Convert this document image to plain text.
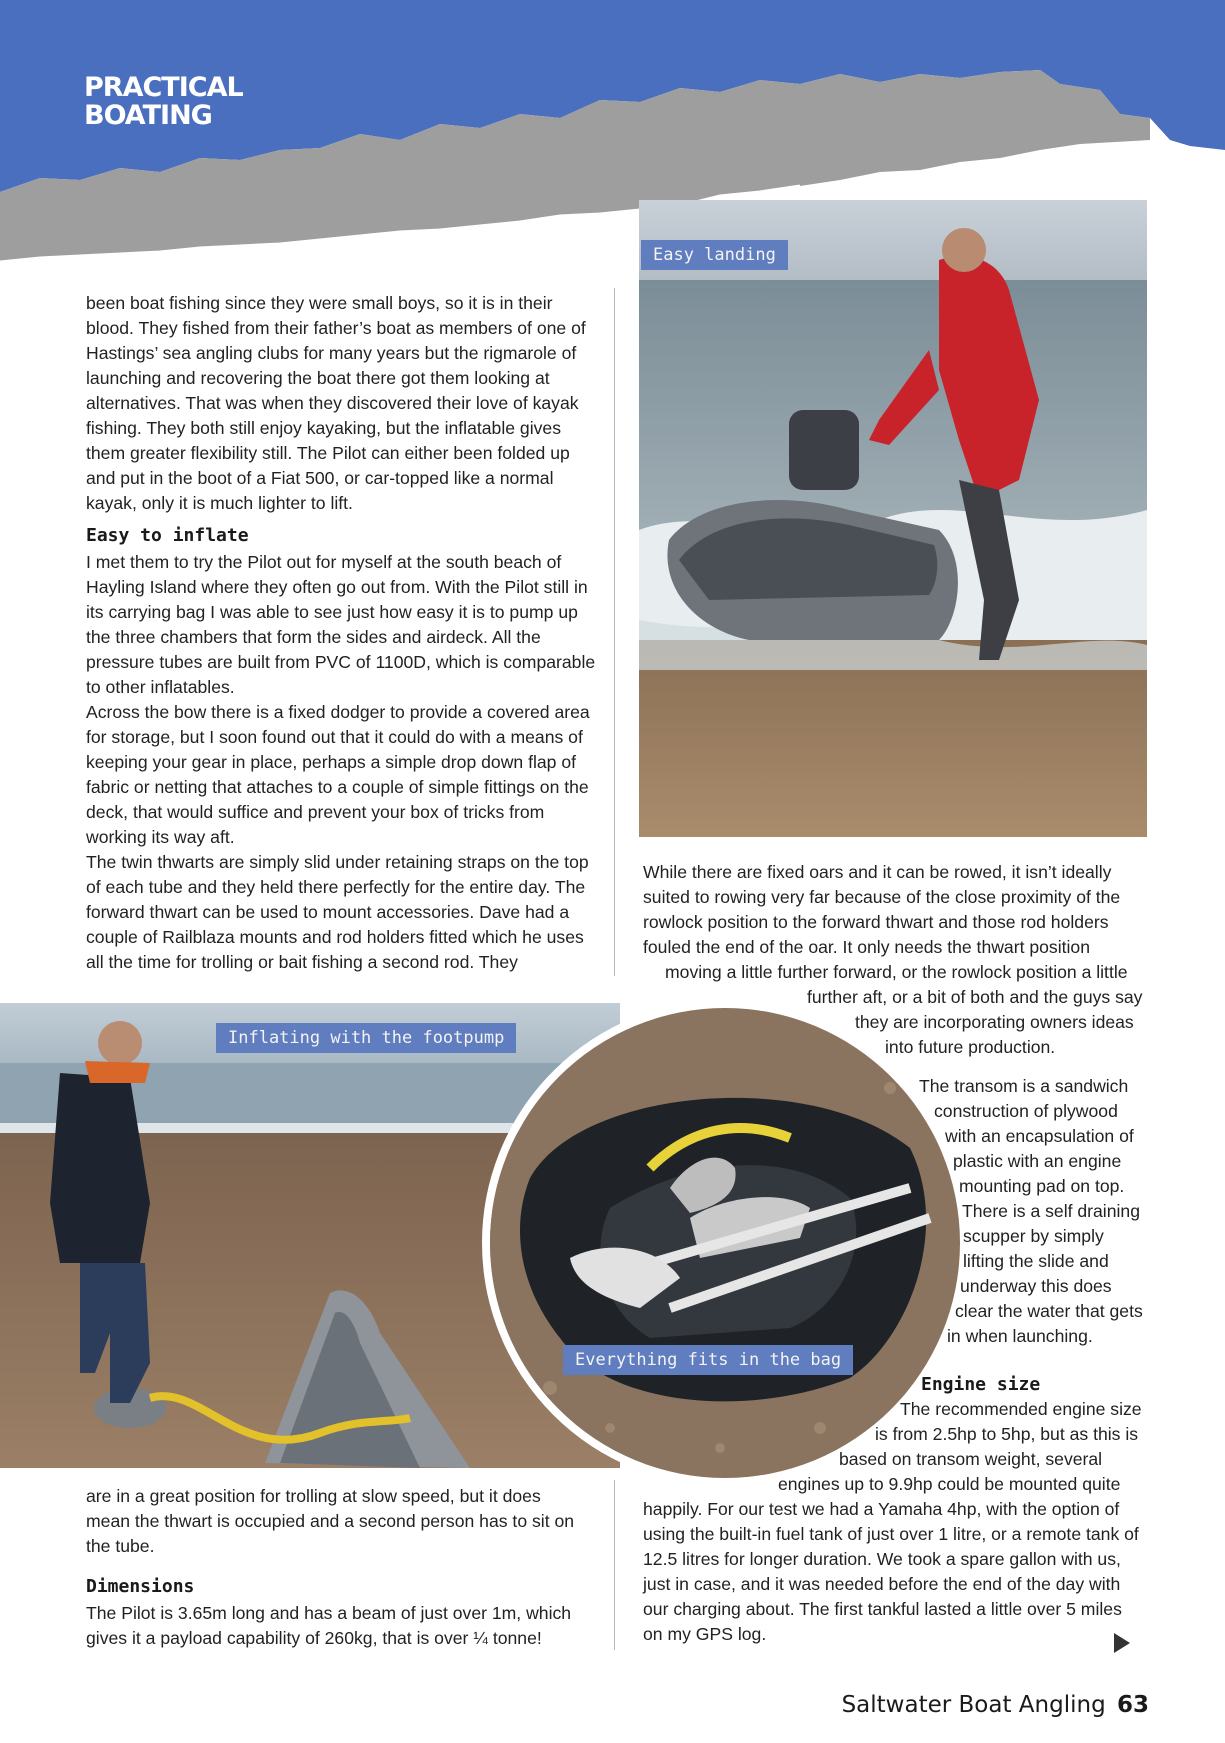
PRACTICAL
BOATING

been boat fishing since they were small boys, so it is in their blood. They fished from their father’s boat as members of one of Hastings’ sea angling clubs for many years but the rigmarole of launching and recovering the boat there got them looking at alternatives. That was when they discovered their love of kayak fishing. They both still enjoy kayaking, but the inflatable gives them greater flexibility still. The Pilot can either been folded up and put in the boot of a Fiat 500, or car-topped like a normal kayak, only it is much lighter to lift.

Easy to inflate

I met them to try the Pilot out for myself at the south beach of Hayling Island where they often go out from. With the Pilot still in its carrying bag I was able to see just how easy it is to pump up the three chambers that form the sides and airdeck. All the pressure tubes are built from PVC of 1100D, which is comparable to other inflatables.

Across the bow there is a fixed dodger to provide a covered area for storage, but I soon found out that it could do with a means of keeping your gear in place, perhaps a simple drop down flap of fabric or netting that attaches to a couple of simple fittings on the deck, that would suffice and prevent your box of tricks from working its way aft.

The twin thwarts are simply slid under retaining straps on the top of each tube and they held there perfectly for the entire day. The forward thwart can be used to mount accessories. Dave had a couple of Railblaza mounts and rod holders fitted which he uses all the time for trolling or bait fishing a second rod. They

Easy landing
While there are fixed oars and it can be rowed, it isn’t ideally
suited to rowing very far because of the close proximity of the
rowlock position to the forward thwart and those rod holders
fouled the end of the oar. It only needs the thwart position
moving a little further forward, or the rowlock position a little
further aft, or a bit of both and the guys say
they are incorporating owners ideas
into future production.
Inflating with the footpump
Everything fits in the bag
The transom is a sandwich
construction of plywood
with an encapsulation of
plastic with an engine
mounting pad on top.
There is a self draining
scupper by simply
lifting the slide and
underway this does
clear the water that gets
in when launching.
Engine size
The recommended engine size
is from 2.5hp to 5hp, but as this is
based on transom weight, several
engines up to 9.9hp could be mounted quite
happily. For our test we had a Yamaha 4hp, with the option of
using the built-in fuel tank of just over 1 litre, or a remote tank of
12.5 litres for longer duration. We took a spare gallon with us,
just in case, and it was needed before the end of the day with
our charging about. The first tankful lasted a little over 5 miles
on my GPS log.

are in a great position for trolling at slow speed, but it does mean the thwart is occupied and a second person has to sit on the tube.

Dimensions

The Pilot is 3.65m long and has a beam of just over 1m, which gives it a payload capability of 260kg, that is over ¼ tonne!

Saltwater Boat Angling 63
